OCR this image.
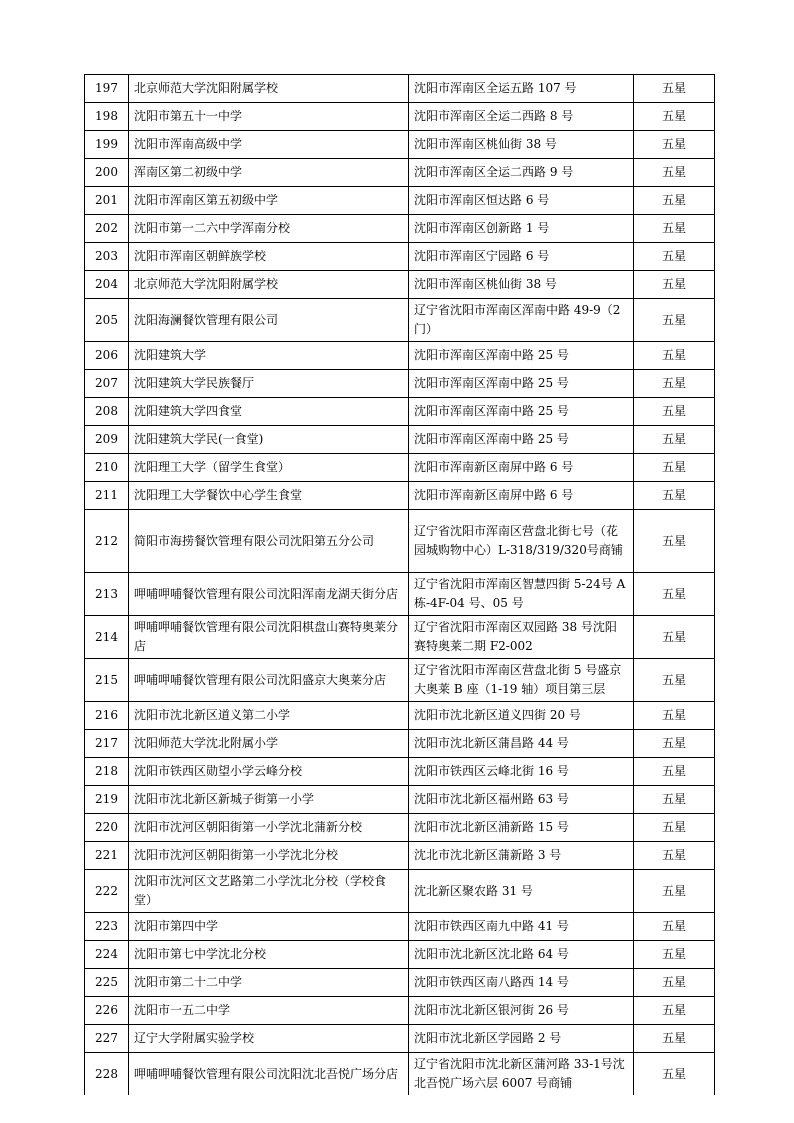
197	北京师范大学沈阳附属学校	沈阳市浑南区全运五路 107 号	五星
198	沈阳市第五十一中学	沈阳市浑南区全运二西路 8 号	五星
199	沈阳市浑南高级中学	沈阳市浑南区桃仙街 38 号	五星
200	浑南区第二初级中学	沈阳市浑南区全运二西路 9 号	五星
201	沈阳市浑南区第五初级中学	沈阳市浑南区恒达路 6 号	五星
202	沈阳市第一二六中学浑南分校	沈阳市浑南区创新路 1 号	五星
203	沈阳市浑南区朝鲜族学校	沈阳市浑南区宁园路 6 号	五星
204	北京师范大学沈阳附属学校	沈阳市浑南区桃仙街 38 号	五星
205	沈阳海澜餐饮管理有限公司	辽宁省沈阳市浑南区浑南中路 49-9（2 门）	五星
206	沈阳建筑大学	沈阳市浑南区浑南中路 25 号	五星
207	沈阳建筑大学民族餐厅	沈阳市浑南区浑南中路 25 号	五星
208	沈阳建筑大学四食堂	沈阳市浑南区浑南中路 25 号	五星
209	沈阳建筑大学民(一食堂)	沈阳市浑南区浑南中路 25 号	五星
210	沈阳理工大学（留学生食堂）	沈阳市浑南新区南屏中路 6 号	五星
211	沈阳理工大学餐饮中心学生食堂	沈阳市浑南新区南屏中路 6 号	五星
212	简阳市海捞餐饮管理有限公司沈阳第五分公司	辽宁省沈阳市浑南区营盘北街七号（花园城购物中心）L-318/319/320号商铺	五星
213	呷哺呷哺餐饮管理有限公司沈阳浑南龙湖天街分店	辽宁省沈阳市浑南区智慧四街 5-24号 A 栋-4F-04 号、05 号	五星
214	呷哺呷哺餐饮管理有限公司沈阳棋盘山赛特奥莱分店	辽宁省沈阳市浑南区双园路 38 号沈阳赛特奥莱二期 F2-002	五星
215	呷哺呷哺餐饮管理有限公司沈阳盛京大奥莱分店	辽宁省沈阳市浑南区营盘北街 5 号盛京大奥莱 B 座（1-19 轴）项目第三层	五星
216	沈阳市沈北新区道义第二小学	沈阳市沈北新区道义四街 20 号	五星
217	沈阳师范大学沈北附属小学	沈阳市沈北新区蒲昌路 44 号	五星
218	沈阳市铁西区勋望小学云峰分校	沈阳市铁西区云峰北街 16 号	五星
219	沈阳市沈北新区新城子街第一小学	沈阳市沈北新区福州路 63 号	五星
220	沈阳市沈河区朝阳街第一小学沈北蒲新分校	沈阳市沈北新区浦新路 15 号	五星
221	沈阳市沈河区朝阳街第一小学沈北分校	沈北市沈北新区蒲新路 3 号	五星
222	沈阳市沈河区文艺路第二小学沈北分校（学校食堂）	沈北新区聚农路 31 号	五星
223	沈阳市第四中学	沈阳市铁西区南九中路 41 号	五星
224	沈阳市第七中学沈北分校	沈阳市沈北新区沈北路 64 号	五星
225	沈阳市第二十二中学	沈阳市铁西区南八路西 14 号	五星
226	沈阳市一五二中学	沈阳市沈北新区银河街 26 号	五星
227	辽宁大学附属实验学校	沈阳市沈北新区学园路 2 号	五星
228	呷哺呷哺餐饮管理有限公司沈阳沈北吾悦广场分店	辽宁省沈阳市沈北新区蒲河路 33-1号沈北吾悦广场六层 6007 号商铺	五星
